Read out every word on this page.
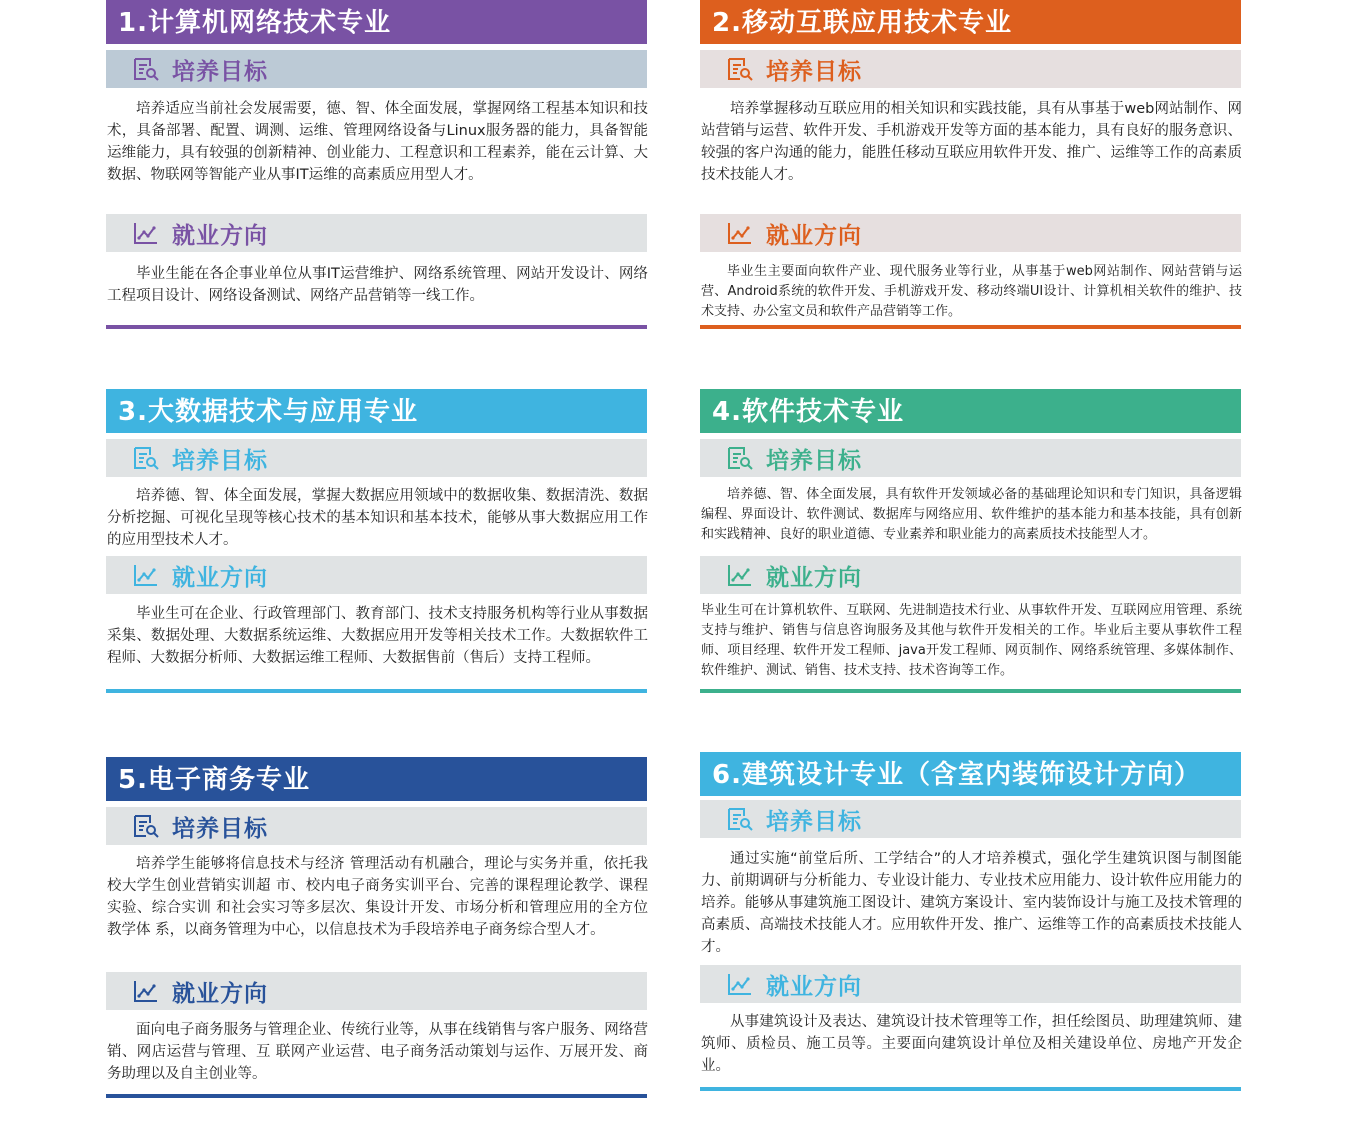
1.计算机网络技术专业
培养目标

培养适应当前社会发展需要，德、智、体全面发展，掌握网络工程基本知识和技术，具备部署、配置、调测、运维、管理网络设备与Linux服务器的能力，具备智能运维能力，具有较强的创新精神、创业能力、工程意识和工程素养，能在云计算、大数据、物联网等智能产业从事IT运维的高素质应用型人才。

就业方向

毕业生能在各企事业单位从事IT运营维护、网络系统管理、网站开发设计、网络工程项目设计、网络设备测试、网络产品营销等一线工作。

2.移动互联应用技术专业
培养目标

培养掌握移动互联应用的相关知识和实践技能，具有从事基于web网站制作、网站营销与运营、软件开发、手机游戏开发等方面的基本能力，具有良好的服务意识、较强的客户沟通的能力，能胜任移动互联应用软件开发、推广、运维等工作的高素质技术技能人才。

就业方向

毕业生主要面向软件产业、现代服务业等行业，从事基于web网站制作、网站营销与运营、Android系统的软件开发、手机游戏开发、移动终端UI设计、计算机相关软件的维护、技术支持、办公室文员和软件产品营销等工作。

3.大数据技术与应用专业
培养目标

培养德、智、体全面发展，掌握大数据应用领域中的数据收集、数据清洗、数据分析挖掘、可视化呈现等核心技术的基本知识和基本技术，能够从事大数据应用工作的应用型技术人才。

就业方向

毕业生可在企业、行政管理部门、教育部门、技术支持服务机构等行业从事数据采集、数据处理、大数据系统运维、大数据应用开发等相关技术工作。大数据软件工程师、大数据分析师、大数据运维工程师、大数据售前（售后）支持工程师。

4.软件技术专业
培养目标

培养德、智、体全面发展，具有软件开发领域必备的基础理论知识和专门知识，具备逻辑编程、界面设计、软件测试、数据库与网络应用、软件维护的基本能力和基本技能，具有创新和实践精神、良好的职业道德、专业素养和职业能力的高素质技术技能型人才。

就业方向

毕业生可在计算机软件、互联网、先进制造技术行业、从事软件开发、互联网应用管理、系统支持与维护、销售与信息咨询服务及其他与软件开发相关的工作。毕业后主要从事软件工程师、项目经理、软件开发工程师、java开发工程师、网页制作、网络系统管理、多媒体制作、软件维护、测试、销售、技术支持、技术咨询等工作。

5.电子商务专业
培养目标

培养学生能够将信息技术与经济 管理活动有机融合，理论与实务并重，依托我校大学生创业营销实训超 市、校内电子商务实训平台、完善的课程理论教学、课程实验、综合实训 和社会实习等多层次、集设计开发、市场分析和管理应用的全方位教学体 系，以商务管理为中心，以信息技术为手段培养电子商务综合型人才。

就业方向

面向电子商务服务与管理企业、传统行业等，从事在线销售与客户服务、网络营销、网店运营与管理、互 联网产业运营、电子商务活动策划与运作、万展开发、商务助理以及自主创业等。

6.建筑设计专业（含室内装饰设计方向）
培养目标

通过实施“前堂后所、工学结合”的人才培养模式，强化学生建筑识图与制图能力、前期调研与分析能力、专业设计能力、专业技术应用能力、设计软件应用能力的培养。能够从事建筑施工图设计、建筑方案设计、室内装饰设计与施工及技术管理的高素质、高端技术技能人才。应用软件开发、推广、运维等工作的高素质技术技能人才。

就业方向

从事建筑设计及表达、建筑设计技术管理等工作，担任绘图员、助理建筑师、建筑师、质检员、施工员等。主要面向建筑设计单位及相关建设单位、房地产开发企业。
